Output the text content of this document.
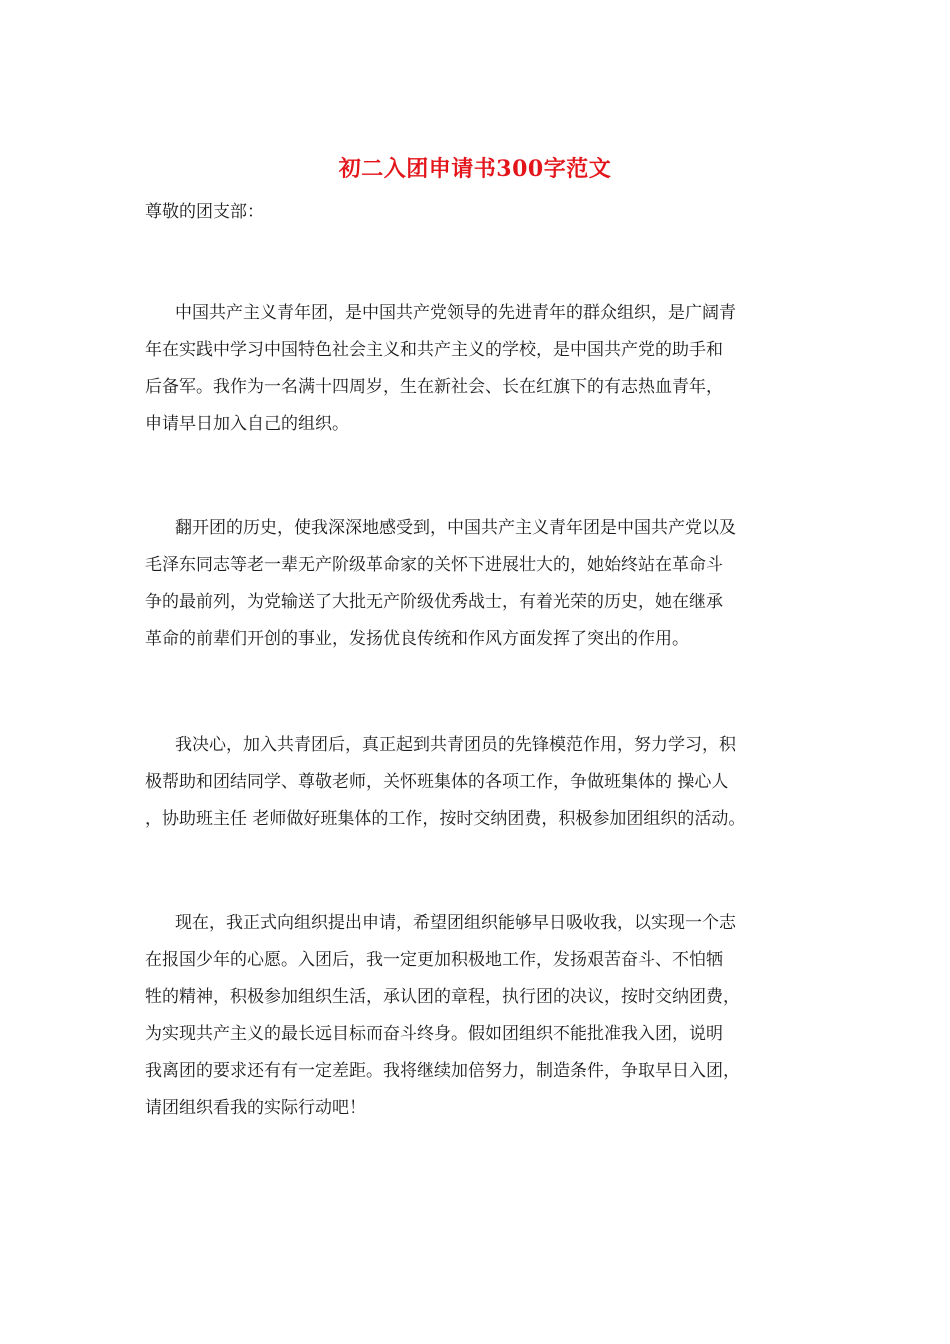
初二入团申请书300字范文
尊敬的团支部：
中国共产主义青年团，是中国共产党领导的先进青年的群众组织，是广阔青
年在实践中学习中国特色社会主义和共产主义的学校，是中国共产党的助手和
后备军。我作为一名满十四周岁，生在新社会、长在红旗下的有志热血青年，
申请早日加入自己的组织。
翻开团的历史，使我深深地感受到，中国共产主义青年团是中国共产党以及
毛泽东同志等老一辈无产阶级革命家的关怀下进展壮大的，她始终站在革命斗
争的最前列，为党输送了大批无产阶级优秀战士，有着光荣的历史，她在继承
革命的前辈们开创的事业，发扬优良传统和作风方面发挥了突出的作用。
我决心，加入共青团后，真正起到共青团员的先锋模范作用，努力学习，积
极帮助和团结同学、尊敬老师，关怀班集体的各项工作，争做班集体的 操心人
，协助班主任 老师做好班集体的工作，按时交纳团费，积极参加团组织的活动。
现在，我正式向组织提出申请，希望团组织能够早日吸收我，以实现一个志
在报国少年的心愿。入团后，我一定更加积极地工作，发扬艰苦奋斗、不怕牺
牲的精神，积极参加组织生活，承认团的章程，执行团的决议，按时交纳团费，
为实现共产主义的最长远目标而奋斗终身。假如团组织不能批准我入团，说明
我离团的要求还有有一定差距。我将继续加倍努力，制造条件，争取早日入团，
请团组织看我的实际行动吧！
